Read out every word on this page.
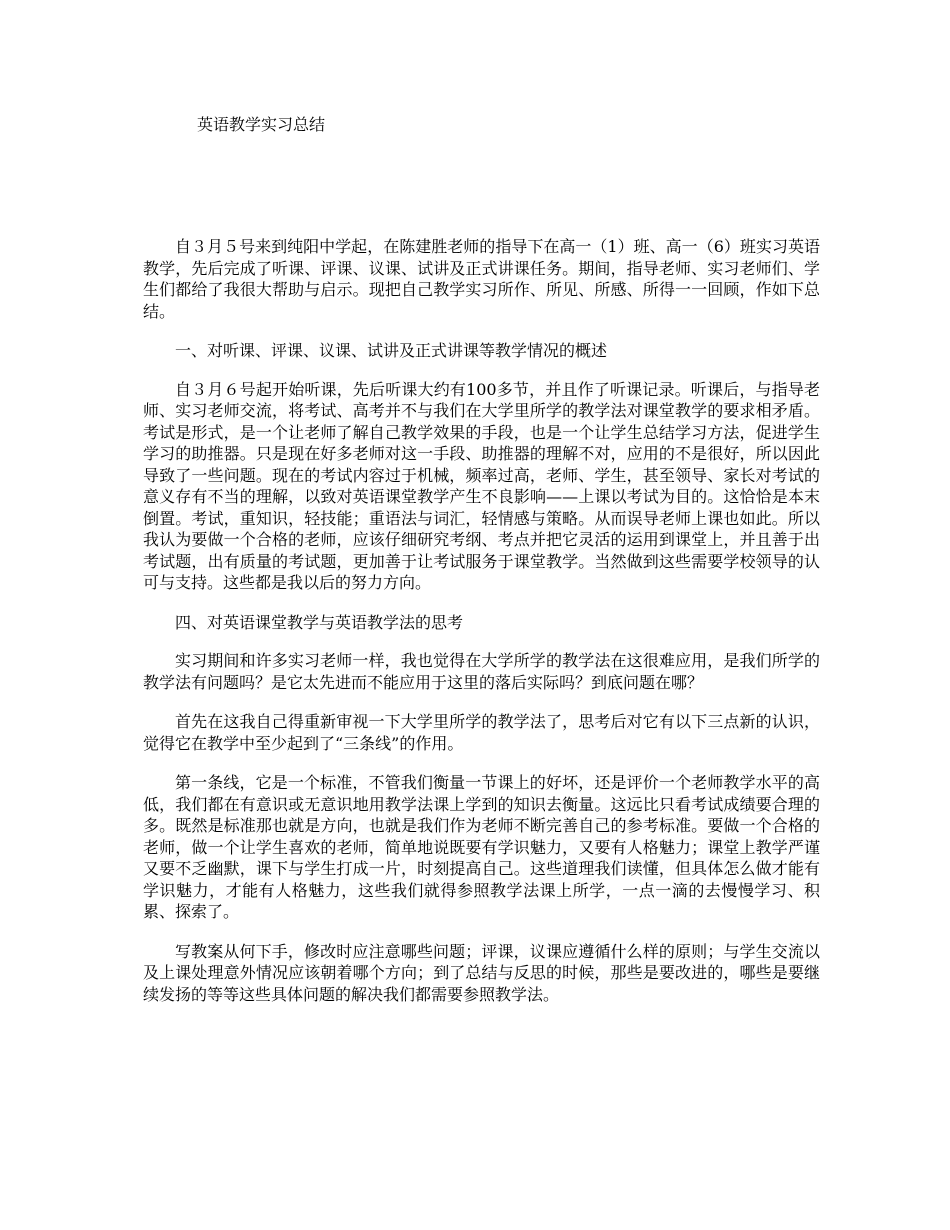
英语教学实习总结

自３月５号来到纯阳中学起，在陈建胜老师的指导下在高一（1）班、高一（6）班实习英语教学，先后完成了听课、评课、议课、试讲及正式讲课任务。期间，指导老师、实习老师们、学生们都给了我很大帮助与启示。现把自己教学实习所作、所见、所感、所得一一回顾，作如下总结。

一、对听课、评课、议课、试讲及正式讲课等教学情况的概述

自３月６号起开始听课，先后听课大约有100多节，并且作了听课记录。听课后，与指导老师、实习老师交流，将考试、高考并不与我们在大学里所学的教学法对课堂教学的要求相矛盾。考试是形式，是一个让老师了解自己教学效果的手段，也是一个让学生总结学习方法，促进学生学习的助推器。只是现在好多老师对这一手段、助推器的理解不对，应用的不是很好，所以因此导致了一些问题。现在的考试内容过于机械，频率过高，老师、学生，甚至领导、家长对考试的意义存有不当的理解，以致对英语课堂教学产生不良影响——上课以考试为目的。这恰恰是本末倒置。考试，重知识，轻技能；重语法与词汇，轻情感与策略。从而误导老师上课也如此。所以我认为要做一个合格的老师，应该仔细研究考纲、考点并把它灵活的运用到课堂上，并且善于出考试题，出有质量的考试题，更加善于让考试服务于课堂教学。当然做到这些需要学校领导的认可与支持。这些都是我以后的努力方向。

四、对英语课堂教学与英语教学法的思考

实习期间和许多实习老师一样，我也觉得在大学所学的教学法在这很难应用，是我们所学的教学法有问题吗？是它太先进而不能应用于这里的落后实际吗？到底问题在哪？

首先在这我自己得重新审视一下大学里所学的教学法了，思考后对它有以下三点新的认识，觉得它在教学中至少起到了“三条线”的作用。

第一条线，它是一个标准，不管我们衡量一节课上的好坏，还是评价一个老师教学水平的高低，我们都在有意识或无意识地用教学法课上学到的知识去衡量。这远比只看考试成绩要合理的多。既然是标准那也就是方向，也就是我们作为老师不断完善自己的参考标准。要做一个合格的老师，做一个让学生喜欢的老师，简单地说既要有学识魅力，又要有人格魅力；课堂上教学严谨又要不乏幽默，课下与学生打成一片，时刻提高自己。这些道理我们读懂，但具体怎么做才能有学识魅力，才能有人格魅力，这些我们就得参照教学法课上所学，一点一滴的去慢慢学习、积累、探索了。

写教案从何下手，修改时应注意哪些问题；评课，议课应遵循什么样的原则；与学生交流以及上课处理意外情况应该朝着哪个方向；到了总结与反思的时候，那些是要改进的，哪些是要继续发扬的等等这些具体问题的解决我们都需要参照教学法。
